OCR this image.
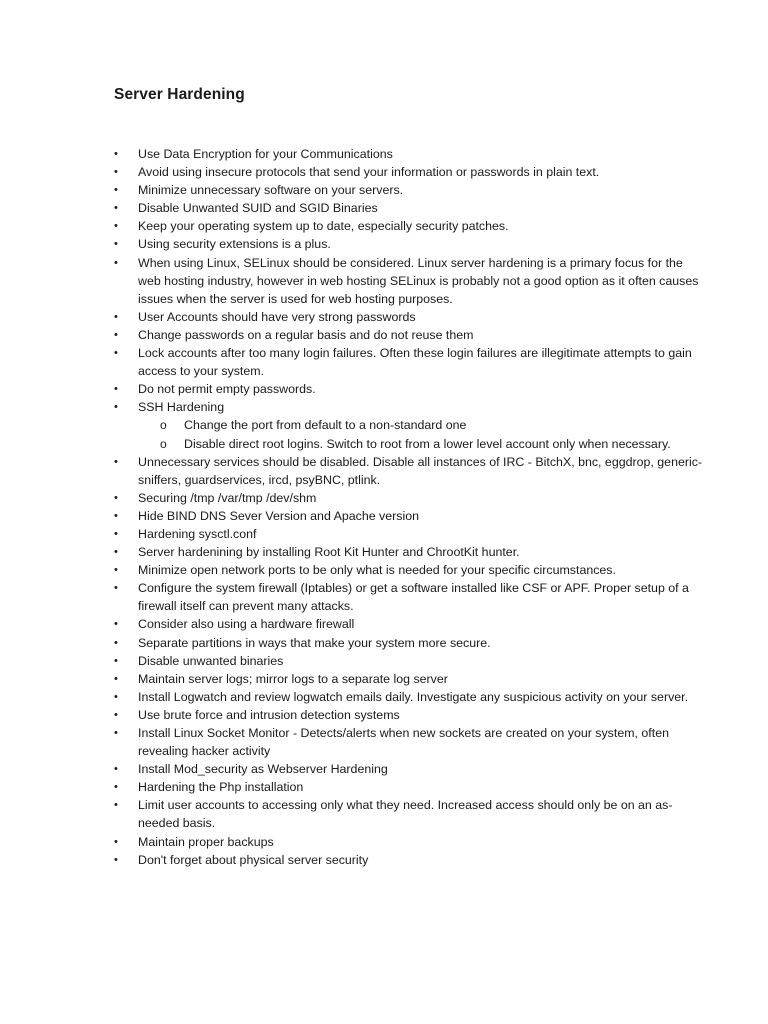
Server Hardening
•	Use Data Encryption for your Communications
•	Avoid using insecure protocols that send your information or passwords in plain text.
•	Minimize unnecessary software on your servers.
•	Disable Unwanted SUID and SGID Binaries
•	Keep your operating system up to date, especially security patches.
•	Using security extensions is a plus.
•	When using Linux, SELinux should be considered. Linux server hardening is a primary focus for the web hosting industry, however in web hosting SELinux is probably not a good option as it often causes issues when the server is used for web hosting purposes.
•	User Accounts should have very strong passwords
•	Change passwords on a regular basis and do not reuse them
•	Lock accounts after too many login failures. Often these login failures are illegitimate attempts to gain access to your system.
•	Do not permit empty passwords.
•	SSH Hardening
o Change the port from default to a non-standard one
o Disable direct root logins. Switch to root from a lower level account only when necessary.
•	Unnecessary services should be disabled. Disable all instances of IRC - BitchX, bnc, eggdrop, generic-sniffers, guardservices, ircd, psyBNC, ptlink.
•	Securing /tmp /var/tmp /dev/shm
•	Hide BIND DNS Sever Version and Apache version
•	Hardening sysctl.conf
•	Server hardenining by installing Root Kit Hunter and ChrootKit hunter.
•	Minimize open network ports to be only what is needed for your specific circumstances.
•	Configure the system firewall (Iptables) or get a software installed like CSF or APF. Proper setup of a firewall itself can prevent many attacks.
•	Consider also using a hardware firewall
•	Separate partitions in ways that make your system more secure.
•	Disable unwanted binaries
•	Maintain server logs; mirror logs to a separate log server
•	Install Logwatch and review logwatch emails daily. Investigate any suspicious activity on your server.
•	Use brute force and intrusion detection systems
•	Install Linux Socket Monitor - Detects/alerts when new sockets are created on your system, often revealing hacker activity
•	Install Mod_security as Webserver Hardening
•	Hardening the Php installation
•	Limit user accounts to accessing only what they need. Increased access should only be on an as-needed basis.
•	Maintain proper backups
•	Don't forget about physical server security
